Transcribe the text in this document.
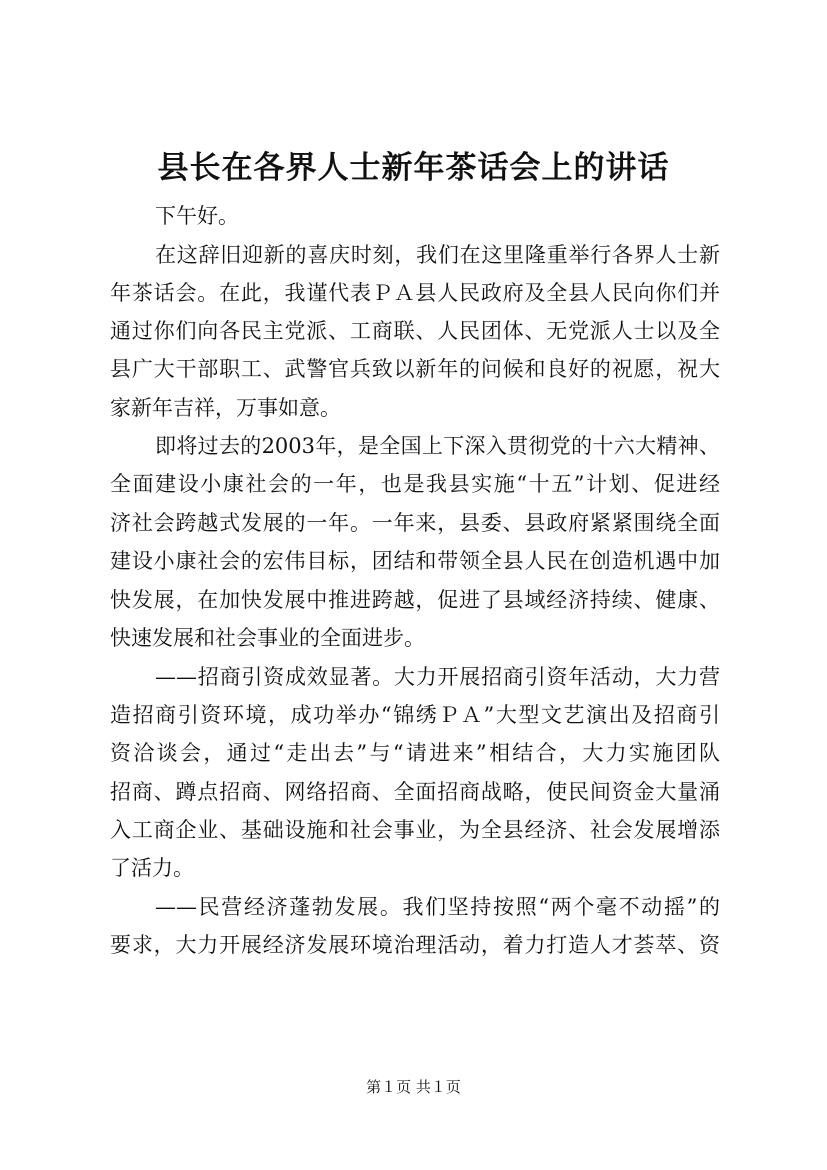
县长在各界人士新年茶话会上的讲话

下午好。

在这辞旧迎新的喜庆时刻，我们在这里隆重举行各界人士新

年茶话会。在此，我谨代表ＰＡ县人民政府及全县人民向你们并

通过你们向各民主党派、工商联、人民团体、无党派人士以及全

县广大干部职工、武警官兵致以新年的问候和良好的祝愿，祝大

家新年吉祥，万事如意。

即将过去的2003年，是全国上下深入贯彻党的十六大精神、

全面建设小康社会的一年，也是我县实施“十五”计划、促进经

济社会跨越式发展的一年。一年来，县委、县政府紧紧围绕全面

建设小康社会的宏伟目标，团结和带领全县人民在创造机遇中加

快发展，在加快发展中推进跨越，促进了县域经济持续、健康、

快速发展和社会事业的全面进步。

——招商引资成效显著。大力开展招商引资年活动，大力营

造招商引资环境，成功举办“锦绣ＰＡ”大型文艺演出及招商引

资洽谈会，通过“走出去”与“请进来”相结合，大力实施团队

招商、蹲点招商、网络招商、全面招商战略，使民间资金大量涌

入工商企业、基础设施和社会事业，为全县经济、社会发展增添

了活力。

——民营经济蓬勃发展。我们坚持按照“两个毫不动摇”的

要求，大力开展经济发展环境治理活动，着力打造人才荟萃、资

第１页 共１页
